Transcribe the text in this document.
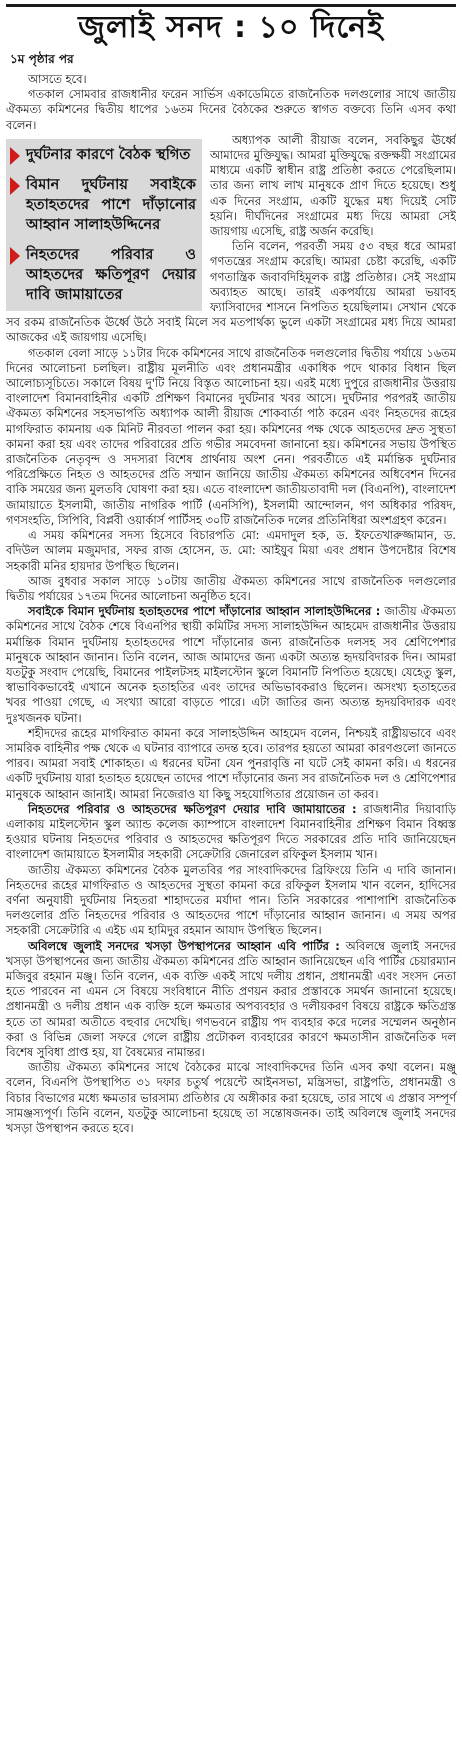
জুলাই সনদ : ১০ দিনেই
১ম পৃষ্ঠার পর

আসতে হবে।

গতকাল সোমবার রাজধানীর ফরেন সার্ভিস একাডেমিতে রাজনৈতিক দলগুলোর সাথে জাতীয় ঐকমত্য কমিশনের দ্বিতীয় ধাপের ১৬তম দিনের বৈঠকের শুরুতে স্বাগত বক্তব্যে তিনি এসব কথা বলেন।

দুর্ঘটনার কারণে বৈঠক স্থগিত
বিমান দুর্ঘটনায় সবাইকে হতাহতদের পাশে দাঁড়ানোর আহ্বান সালাহউদ্দিনের
নিহতদের পরিবার ও আহতদের ক্ষতিপূরণ দেয়ার দাবি জামায়াতের

অধ্যাপক আলী রীয়াজ বলেন, সবকিছুর ঊর্ধ্বে আমাদের মুক্তিযুদ্ধ। আমরা মুক্তিযুদ্ধে রক্তক্ষয়ী সংগ্রামের মাধ্যমে একটি স্বাধীন রাষ্ট্র প্রতিষ্ঠা করতে পেরেছিলাম। তার জন্য লাখ লাখ মানুষকে প্রাণ দিতে হয়েছে। শুধু এক দিনের সংগ্রাম, একটি যুদ্ধের মধ্য দিয়েই সেটি হয়নি। দীর্ঘদিনের সংগ্রামের মধ্য দিয়ে আমরা সেই জায়গায় এসেছি, রাষ্ট্র অর্জন করেছি।

তিনি বলেন, পরবর্তী সময় ৫৩ বছর ধরে আমরা গণতন্ত্রের সংগ্রাম করেছি। আমরা চেষ্টা করেছি, একটি গণতান্ত্রিক জবাবদিহিমূলক রাষ্ট্র প্রতিষ্ঠার। সেই সংগ্রাম অব্যাহত আছে। তারই একপর্যায়ে আমরা ভয়াবহ ফ্যাসিবাদের শাসনে নিপতিত হয়েছিলাম। সেখান থেকে সব রকম রাজনৈতিক ঊর্ধ্বে উঠে সবাই মিলে সব মতপার্থক্য ভুলে একটা সংগ্রামের মধ্য দিয়ে আমরা আজকের এই জায়গায় এসেছি।

গতকাল বেলা সাড়ে ১১টার দিকে কমিশনের সাথে রাজনৈতিক দলগুলোর দ্বিতীয় পর্যায়ে ১৬তম দিনের আলোচনা চলছিল। রাষ্ট্রীয় মূলনীতি এবং প্রধানমন্ত্রীর একাধিক পদে থাকার বিধান ছিল আলোচ্যসূচিতে। সকালে বিষয় দু'টি নিয়ে বিস্তৃত আলোচনা হয়। এরই মধ্যে দুপুরে রাজধানীর উত্তরায় বাংলাদেশ বিমানবাহিনীর একটি প্রশিক্ষণ বিমানের দুর্ঘটনার খবর আসে। দুর্ঘটনার পরপরই জাতীয় ঐকমত্য কমিশনের সহসভাপতি অধ্যাপক আলী রীয়াজ শোকবার্তা পাঠ করেন এবং নিহতদের রূহের মাগফিরাত কামনায় এক মিনিট নীরবতা পালন করা হয়। কমিশনের পক্ষ থেকে আহতদের দ্রুত সুস্থতা কামনা করা হয় এবং তাদের পরিবারের প্রতি গভীর সমবেদনা জানানো হয়। কমিশনের সভায় উপস্থিত রাজনৈতিক নেতৃবৃন্দ ও সদস্যরা বিশেষ প্রার্থনায় অংশ নেন। পরবর্তীতে এই মর্মান্তিক দুর্ঘটনার পরিপ্রেক্ষিতে নিহত ও আহতদের প্রতি সম্মান জানিয়ে জাতীয় ঐকমত্য কমিশনের অধিবেশন দিনের বাকি সময়ের জন্য মুলতবি ঘোষণা করা হয়। এতে বাংলাদেশ জাতীয়তাবাদী দল (বিএনপি), বাংলাদেশ জামায়াতে ইসলামী, জাতীয় নাগরিক পার্টি (এনসিপি), ইসলামী আন্দোলন, গণ অধিকার পরিষদ, গণসংহতি, সিপিবি, বিপ্লবী ওয়ার্কার্স পার্টিসহ ৩০টি রাজনৈতিক দলের প্রতিনিধিরা অংশগ্রহণ করেন।

এ সময় কমিশনের সদস্য হিসেবে বিচারপতি মো: এমদাদুল হক, ড. ইফতেখারুজ্জামান, ড. বদিউল আলম মজুমদার, সফর রাজ হোসেন, ড. মো: আইয়ুব মিয়া এবং প্রধান উপদেষ্টার বিশেষ সহকারী মনির হায়দার উপস্থিত ছিলেন।

আজ বুধবার সকাল সাড়ে ১০টায় জাতীয় ঐকমত্য কমিশনের সাথে রাজনৈতিক দলগুলোর দ্বিতীয় পর্যায়ের ১৭তম দিনের আলোচনা অনুষ্ঠিত হবে।

সবাইকে বিমান দুর্ঘটনায় হতাহতদের পাশে দাঁড়ানোর আহ্বান সালাহউদ্দিনের : জাতীয় ঐকমত্য কমিশনের সাথে বৈঠক শেষে বিএনপির স্থায়ী কমিটির সদস্য সালাহউদ্দিন আহমেদ রাজধানীর উত্তরায় মর্মান্তিক বিমান দুর্ঘটনায় হতাহতদের পাশে দাঁড়ানোর জন্য রাজনৈতিক দলসহ সব শ্রেণিপেশার মানুষকে আহ্বান জানান। তিনি বলেন, আজ আমাদের জন্য একটা অত্যন্ত হৃদয়বিদারক দিন। আমরা যতটুকু সংবাদ পেয়েছি, বিমানের পাইলটসহ মাইলস্টোন স্কুলে বিমানটি নিপতিত হয়েছে। যেহেতু স্কুল, স্বাভাবিকভাবেই এখানে অনেক হতাহতির এবং তাদের অভিভাবকরাও ছিলেন। অসংখ্য হতাহতের খবর পাওয়া গেছে, এ সংখ্যা আরো বাড়তে পারে। এটা জাতির জন্য অত্যন্ত হৃদয়বিদারক এবং দুঃখজনক ঘটনা।

শহীদদের রূহের মাগফিরাত কামনা করে সালাহউদ্দিন আহমেদ বলেন, নিশ্চয়ই রাষ্ট্রীয়ভাবে এবং সামরিক বাহিনীর পক্ষ থেকে এ ঘটনার ব্যাপারে তদন্ত হবে। তারপর হয়তো আমরা কারণগুলো জানতে পারব। আমরা সবাই শোকাহত। এ ধরনের ঘটনা যেন পুনরাবৃত্তি না ঘটে সেই কামনা করি। এ ধরনের একটি দুর্ঘটনায় যারা হতাহত হয়েছেন তাদের পাশে দাঁড়ানোর জন্য সব রাজনৈতিক দল ও শ্রেণিপেশার মানুষকে আহ্বান জানাই। আমরা নিজেরাও যা কিছু সহযোগিতার প্রয়োজন তা করব।

নিহতদের পরিবার ও আহতদের ক্ষতিপূরণ দেয়ার দাবি জামায়াতের : রাজধানীর দিয়াবাড়ি এলাকায় মাইলস্টোন স্কুল অ্যান্ড কলেজ ক্যাম্পাসে বাংলাদেশ বিমানবাহিনীর প্রশিক্ষণ বিমান বিধ্বস্ত হওয়ার ঘটনায় নিহতদের পরিবার ও আহতদের ক্ষতিপূরণ দিতে সরকারের প্রতি দাবি জানিয়েছেন বাংলাদেশ জামায়াতে ইসলামীর সহকারী সেক্রেটারি জেনারেল রফিকুল ইসলাম খান।

জাতীয় ঐকমত্য কমিশনের বৈঠক মুলতবির পর সাংবাদিকদের ব্রিফিংয়ে তিনি এ দাবি জানান। নিহতদের রূহের মাগফিরাত ও আহতদের সুস্থতা কামনা করে রফিকুল ইসলাম খান বলেন, হাদিসের বর্ণনা অনুযায়ী দুর্ঘটনায় নিহতরা শাহাদতের মর্যাদা পান। তিনি সরকারের পাশাপাশি রাজনৈতিক দলগুলোর প্রতি নিহতদের পরিবার ও আহতদের পাশে দাঁড়ানোর আহ্বান জানান। এ সময় অপর সহকারী সেক্রেটারি এ এইচ এম হামিদুর রহমান আযাদ উপস্থিত ছিলেন।

অবিলম্বে জুলাই সনদের খসড়া উপস্থাপনের আহ্বান এবি পার্টির : অবিলম্বে জুলাই সনদের খসড়া উপস্থাপনের জন্য জাতীয় ঐকমত্য কমিশনের প্রতি আহ্বান জানিয়েছেন এবি পার্টির চেয়ারম্যান মজিবুর রহমান মঞ্জু। তিনি বলেন, এক ব্যক্তি একই সাথে দলীয় প্রধান, প্রধানমন্ত্রী এবং সংসদ নেতা হতে পারবেন না এমন সে বিষয়ে সংবিধানে নীতি প্রণয়ন করার প্রস্তাবকে সমর্থন জানানো হয়েছে। প্রধানমন্ত্রী ও দলীয় প্রধান এক ব্যক্তি হলে ক্ষমতার অপব্যবহার ও দলীয়করণ বিষয়ে রাষ্ট্রকে ক্ষতিগ্রস্ত হতে তা আমরা অতীতে বহুবার দেখেছি। গণভবনে রাষ্ট্রীয় পদ ব্যবহার করে দলের সম্মেলন অনুষ্ঠান করা ও বিভিন্ন জেলা সফরে গেলে রাষ্ট্রীয় প্রটোকল ব্যবহারের কারণে ক্ষমতাসীন রাজনৈতিক দল বিশেষ সুবিধা প্রাপ্ত হয়, যা বৈষম্যের নামান্তর।

জাতীয় ঐকমত্য কমিশনের সাথে বৈঠকের মাঝে সাংবাদিকদের তিনি এসব কথা বলেন। মঞ্জু বলেন, বিএনপি উপস্থাপিত ৩১ দফার চতুর্থ পয়েন্টে আইনসভা, মন্ত্রিসভা, রাষ্ট্রপতি, প্রধানমন্ত্রী ও বিচার বিভাগের মধ্যে ক্ষমতার ভারসাম্য প্রতিষ্ঠার যে অঙ্গীকার করা হয়েছে, তার সাথে এ প্রস্তাব সম্পূর্ণ সামঞ্জস্যপূর্ণ। তিনি বলেন, যতটুকু আলোচনা হয়েছে তা সন্তোষজনক। তাই অবিলম্বে জুলাই সনদের খসড়া উপস্থাপন করতে হবে।
